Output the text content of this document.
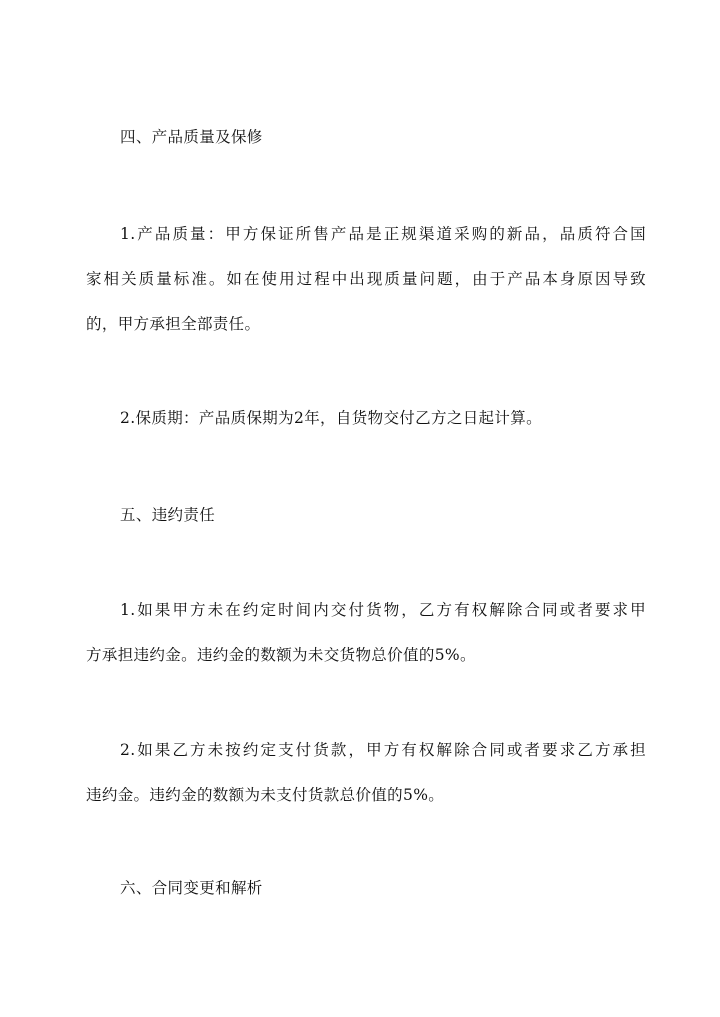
四、产品质量及保修
1.产品质量：甲方保证所售产品是正规渠道采购的新品，品质符合国
家相关质量标准。如在使用过程中出现质量问题，由于产品本身原因导致
的，甲方承担全部责任。
2.保质期：产品质保期为2年，自货物交付乙方之日起计算。
五、违约责任
1.如果甲方未在约定时间内交付货物，乙方有权解除合同或者要求甲
方承担违约金。违约金的数额为未交货物总价值的5%。
2.如果乙方未按约定支付货款，甲方有权解除合同或者要求乙方承担
违约金。违约金的数额为未支付货款总价值的5%。
六、合同变更和解析
